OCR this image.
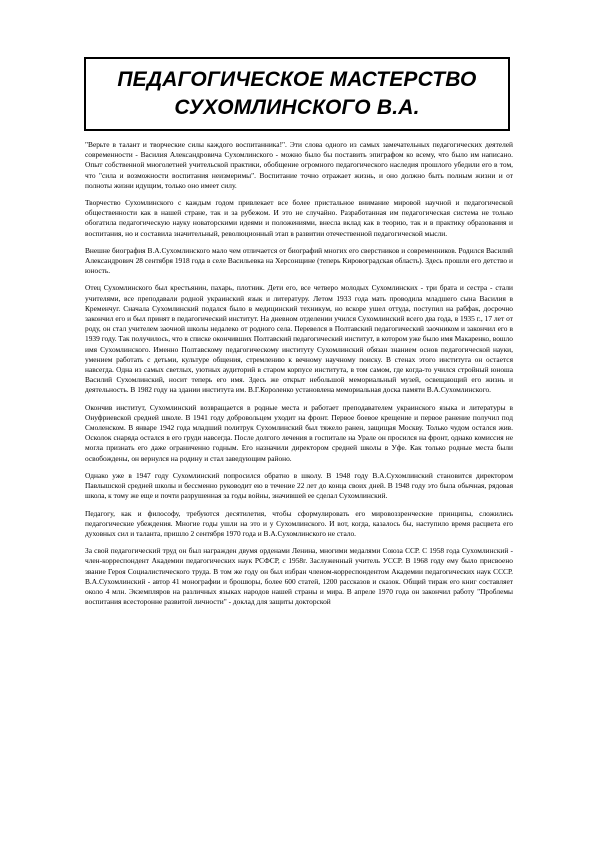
ПЕДАГОГИЧЕСКОЕ МАСТЕРСТВО
СУХОМЛИНСКОГО В.А.

"Верьте в талант и творческие силы каждого воспитанника!". Эти слова одного из самых замечательных педагогических деятелей современности - Василия Александровича Сухомлинского - можно было бы поставить эпиграфом ко всему, что было им написано. Опыт собственной многолетней учительской практики, обобщение огромного педагогического наследия прошлого убедили его в том, что "сила и возможности воспитания неизмеримы". Воспитание точно отражает жизнь, и оно должно быть полным жизни и от полноты жизни идущим, только оно имеет силу.

Творчество Сухомлинского с каждым годом привлекает все более пристальное внимание мировой научной и педагогической общественности как в нашей стране, так и за рубежом. И это не случайно. Разработанная им педагогическая система не только обогатила педагогическую науку новаторскими идеями и положениями, внесла вклад как в теорию, так и в практику образования и воспитания, но и составила значительный, революционный этап в развитии отечественной педагогической мысли.

Внешне биография В.А.Сухомлинского мало чем отличается от биографий многих его сверстников и современников. Родился Василий Александрович 28 сентября 1918 года в селе Васильевка на Херсонщине (теперь Кировоградская область). Здесь прошли его детство и юность.

Отец Сухомлинского был крестьянин, пахарь, плотник. Дети его, все четверо молодых Сухомлинских - три брата и сестра - стали учителями, все преподавали родной украинский язык и литературу. Летом 1933 года мать проводила младшего сына Василия в Кременчуг. Сначала Сухомлинский подался было в медицинский техникум, но вскоре ушел оттуда, поступил на рабфак, досрочно закончил его и был принят в педагогический институт. На дневном отделении учился Сухомлинский всего два года, в 1935 г., 17 лет от роду, он стал учителем заочной школы недалеко от родного села. Перевелся в Полтавский педагогический заочником и закончил его в 1939 году. Так получилось, что в списке окончивших Полтавский педагогический институт, в котором уже было имя Макаренко, вошло имя Сухомлинского. Именно Полтавскому педагогическому институту Сухомлинский обязан знанием основ педагогической науки, умением работать с детьми, культуре общения, стремлению к вечному научному поиску. В стенах этого института он остается навсегда. Одна из самых светлых, уютных аудиторий в старом корпусе института, в том самом, где когда-то учился стройный юноша Василий Сухомлинский, носит теперь его имя. Здесь же открыт небольшой мемориальный музей, освещающий его жизнь и деятельность. В 1982 году на здании института им. В.Г.Короленко установлена мемориальная доска памяти В.А.Сухомлинского.

Окончив институт, Сухомлинский возвращается в родные места и работает преподавателем украинского языка и литературы в Онуфриевской средней школе. В 1941 году добровольцем уходит на фронт. Первое боевое крещение и первое ранение получил под Смоленском. В январе 1942 года младший политрук Сухомлинский был тяжело ранен, защищая Москву. Только чудом остался жив. Осколок снаряда остался в его груди навсегда. После долгого лечения в госпитале на Урале он просился на фронт, однако комиссия не могла признать его даже ограниченно годным. Его назначили директором средней школы в Уфе. Как только родные места были освобождены, он вернулся на родину и стал заведующим районо.

Однако уже в 1947 году Сухомлинский попросился обратно в школу. В 1948 году В.А.Сухомлинский становится директором Павлышской средней школы и бессменно руководит ею в течение 22 лет до конца своих дней. В 1948 году это была обычная, рядовая школа, к тому же еще и почти разрушенная за годы войны, значившей ее сделал Сухомлинский.

Педагогу, как и философу, требуются десятилетия, чтобы сформулировать его мировоззренческие принципы, сложились педагогические убеждения. Многие годы ушли на это и у Сухомлинского. И вот, когда, казалось бы, наступило время расцвета его духовных сил и таланта, пришло 2 сентября 1970 года и В.А.Сухомлинского не стало.

За свой педагогический труд он был награжден двумя орденами Ленина, многими медалями Союза ССР. С 1958 года Сухомлинский - член-корреспондент Академии педагогических наук РСФСР, с 1958г. Заслуженный учитель УССР. В 1968 году ему было присвоено звание Героя Социалистического труда. В том же году он был избран членом-корреспондентом Академии педагогических наук СССР. В.А.Сухомлинский - автор 41 монографии и брошюры, более 600 статей, 1200 рассказов и сказок. Общий тираж его книг составляет около 4 млн. Экземпляров на различных языках народов нашей страны и мира. В апреле 1970 года он закончил работу "Проблемы воспитания всесторонне развитой личности" - доклад для защиты докторской
